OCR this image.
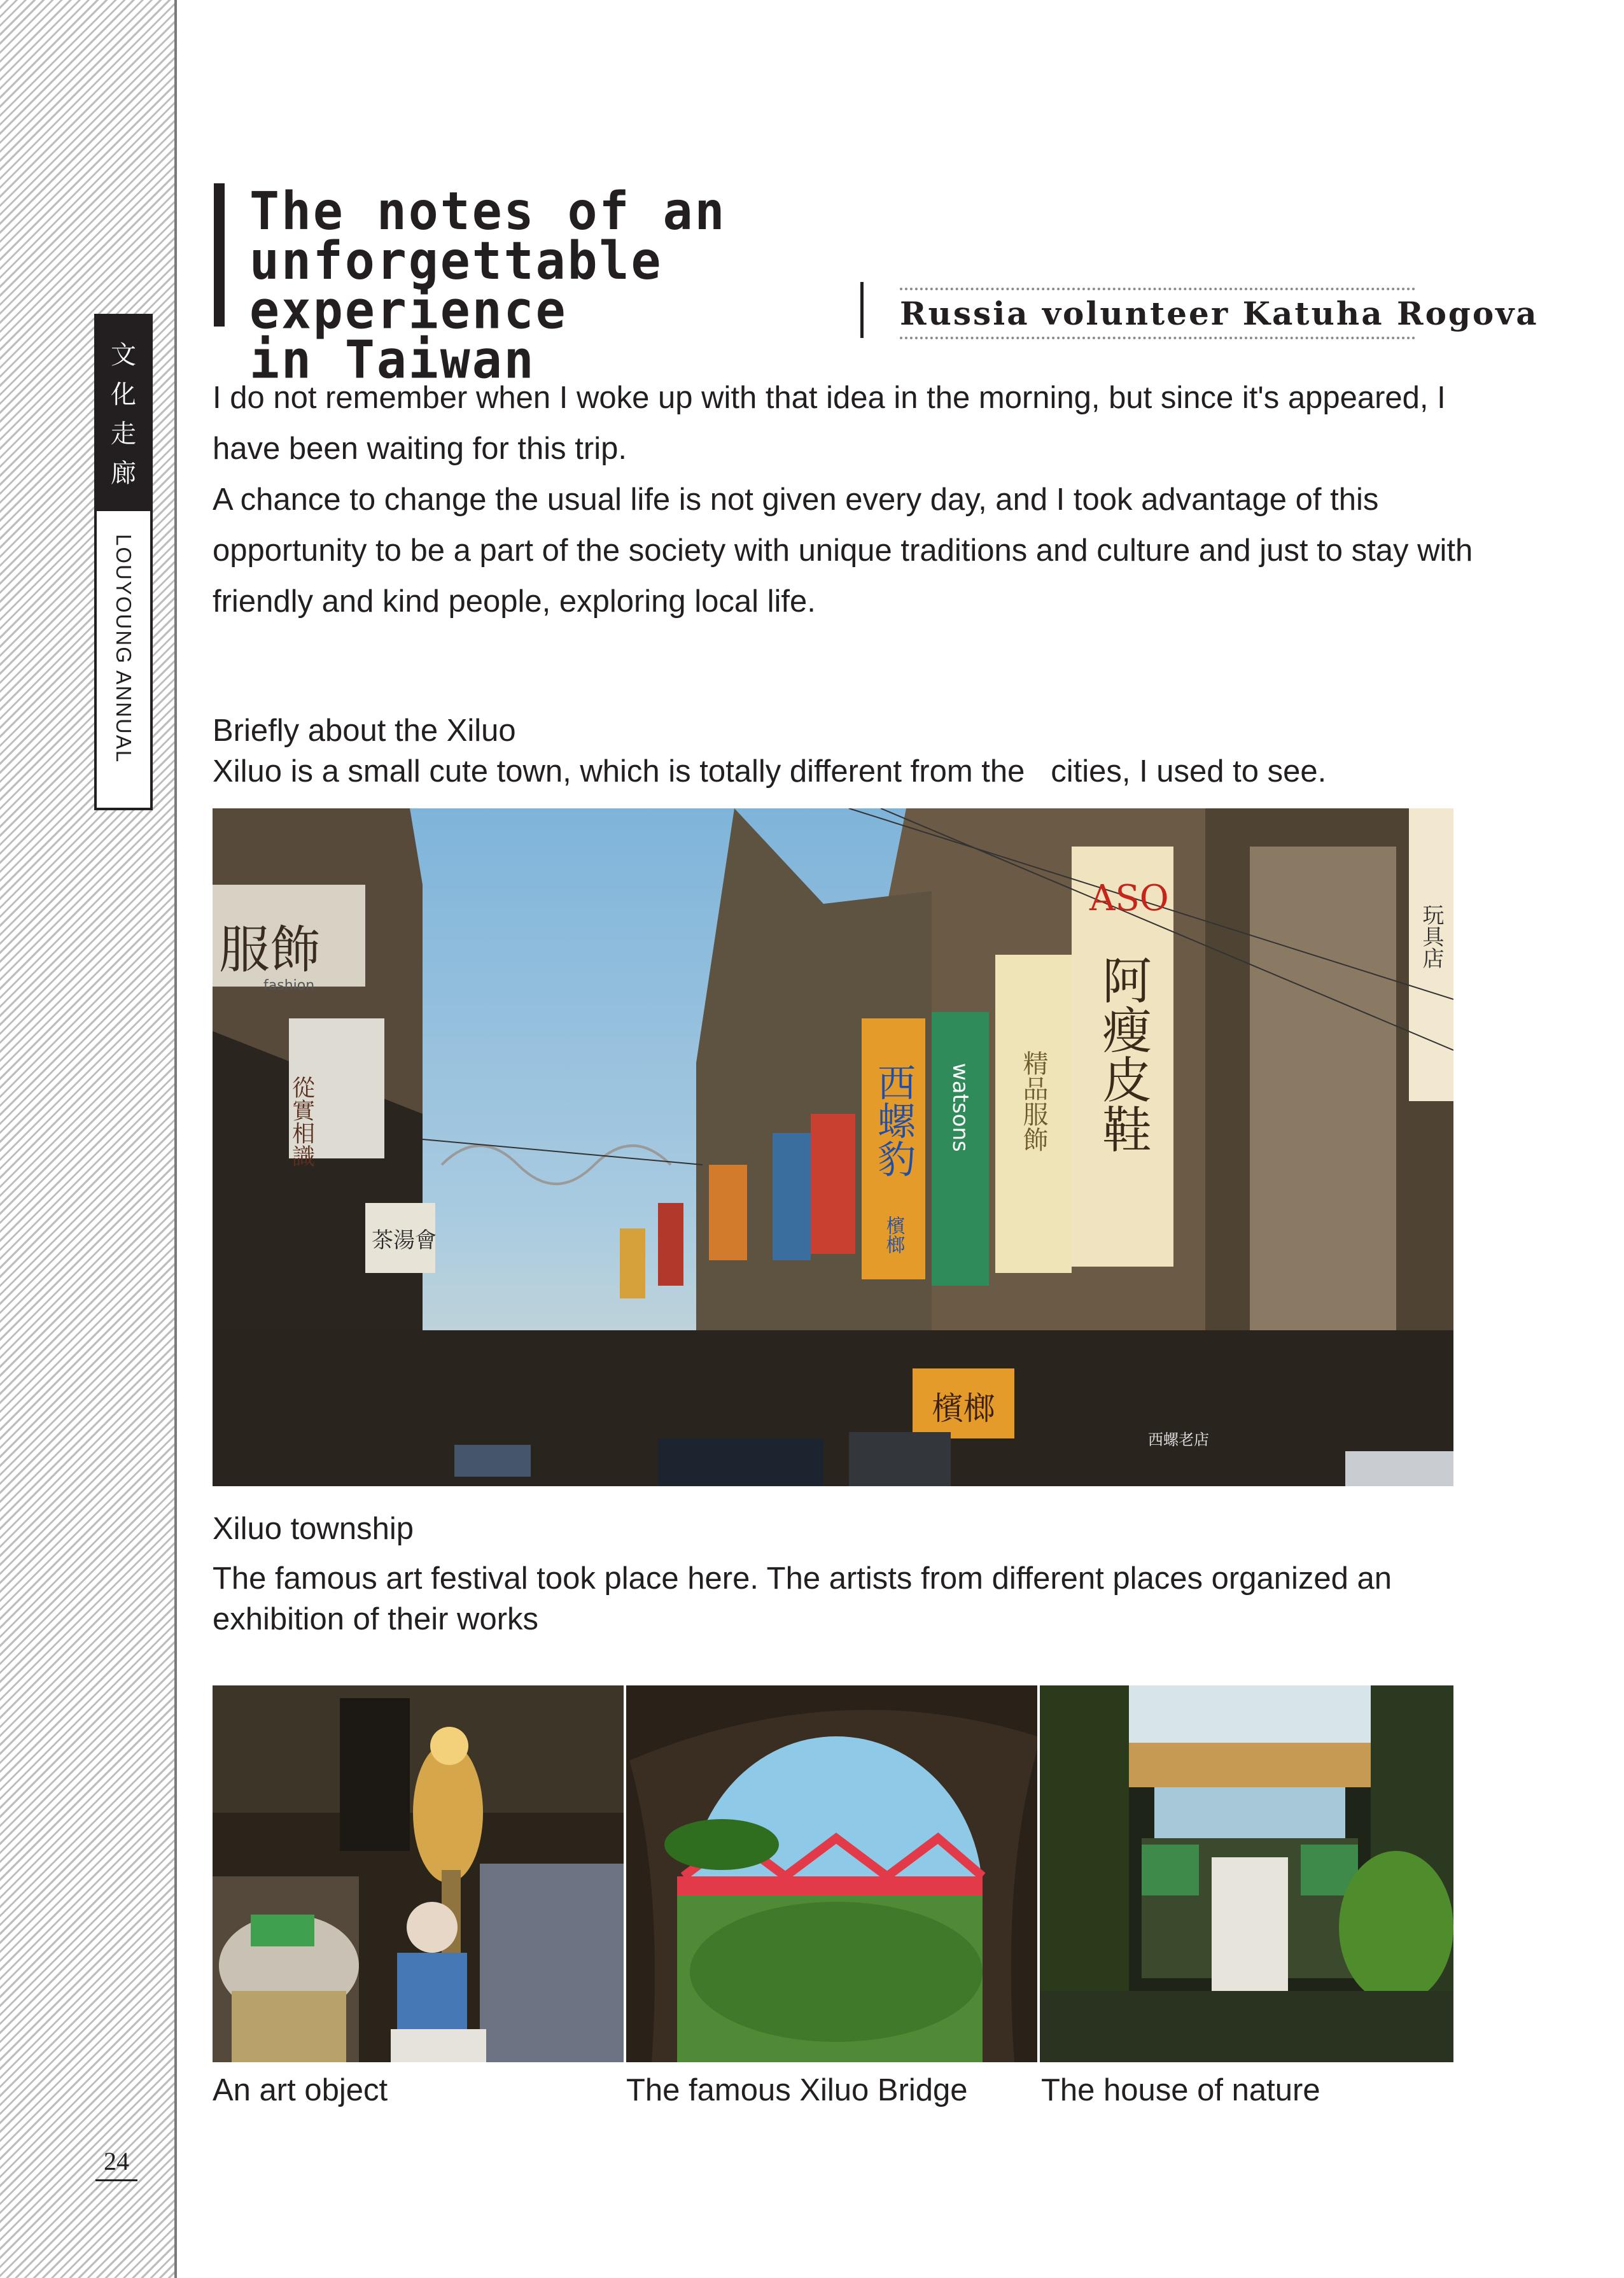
文
化
走
廊
LOUYOUNG ANNUAL
24
The notes of an
unforgettable experience
in Taiwan
Russia volunteer Katuha Rogova

I do not remember when I woke up with that idea in the morning, but since it's appeared, I have been waiting for this trip.

A chance to change the usual life is not given every day, and I took advantage of this opportunity to be a part of the society with unique traditions and culture and just to stay with friendly and kind people, exploring local life.

Briefly about the Xiluo
Xiluo is a small cute town, which is totally different from the   cities, I used to see.
服飾
fashion
從實相識
茶湯會
西螺豹
檳榔
watsons
ASO
阿瘦皮鞋
玩具店
精品服飾
檳榔
西螺老店
Xiluo township
The famous art festival took place here. The artists from different places organized an exhibition of their works
An art object	The famous Xiluo Bridge The house of nature
